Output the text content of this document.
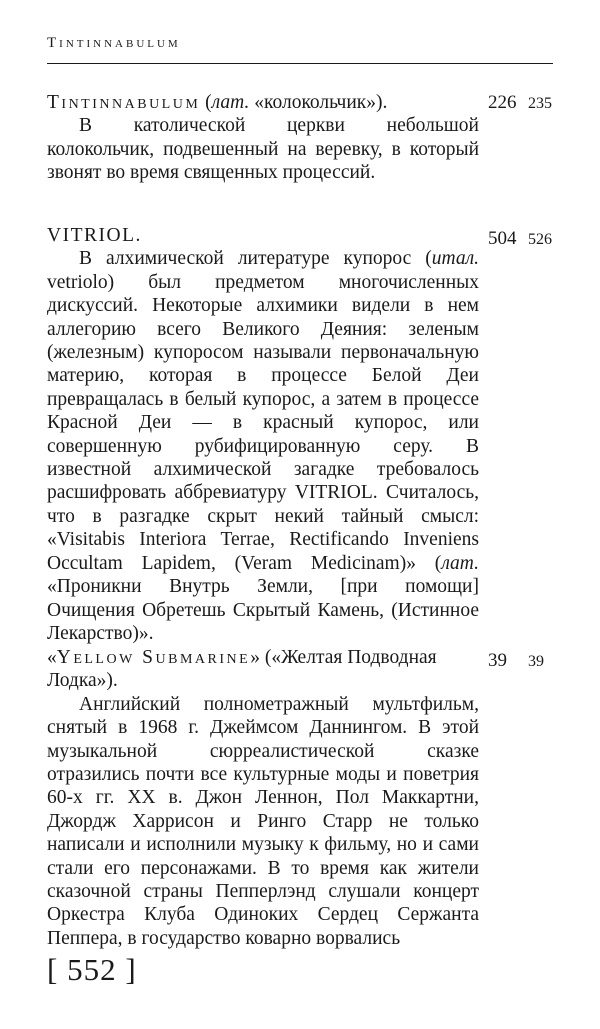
Tintinnabulum

Tintinnabulum (лат. «колокольчик»).

В католической церкви небольшой колокольчик, подвешенный на веревку, в который звонят во время священных процессий.

226 235

VITRIOL.

В алхимической литературе купорос (итал. vetriolo) был предметом многочисленных дискуссий. Некоторые алхимики видели в нем аллегорию всего Великого Деяния: зеленым (железным) купоросом называли первоначальную материю, которая в процессе Белой Деи превращалась в белый купорос, а затем в процессе Красной Деи — в красный купорос, или совершенную рубифицированную серу. В известной алхимической загадке требовалось расшифровать аббревиатуру VITRIOL. Считалось, что в разгадке скрыт некий тайный смысл: «Visitabis Interiora Terrae, Rectificando Inveniens Occultam Lapidem, (Veram Medicinam)» (лат. «Проникни Внутрь Земли, [при помощи] Очищения Обретешь Скрытый Камень, (Истинное Лекарство)».

504 526

«Yellow Submarine» («Желтая Подводная Лодка»).

Английский полнометражный мультфильм, снятый в 1968 г. Джеймсом Даннингом. В этой музыкальной сюрреалистической сказке отразились почти все культурные моды и поветрия 60-х гг. XX в. Джон Леннон, Пол Маккартни, Джордж Харрисон и Ринго Старр не только написали и исполнили музыку к фильму, но и сами стали его персонажами. В то время как жители сказочной страны Пепперлэнд слушали концерт Оркестра Клуба Одиноких Сердец Сержанта Пеппера, в государство коварно ворвались

39 39
[ 552 ]
